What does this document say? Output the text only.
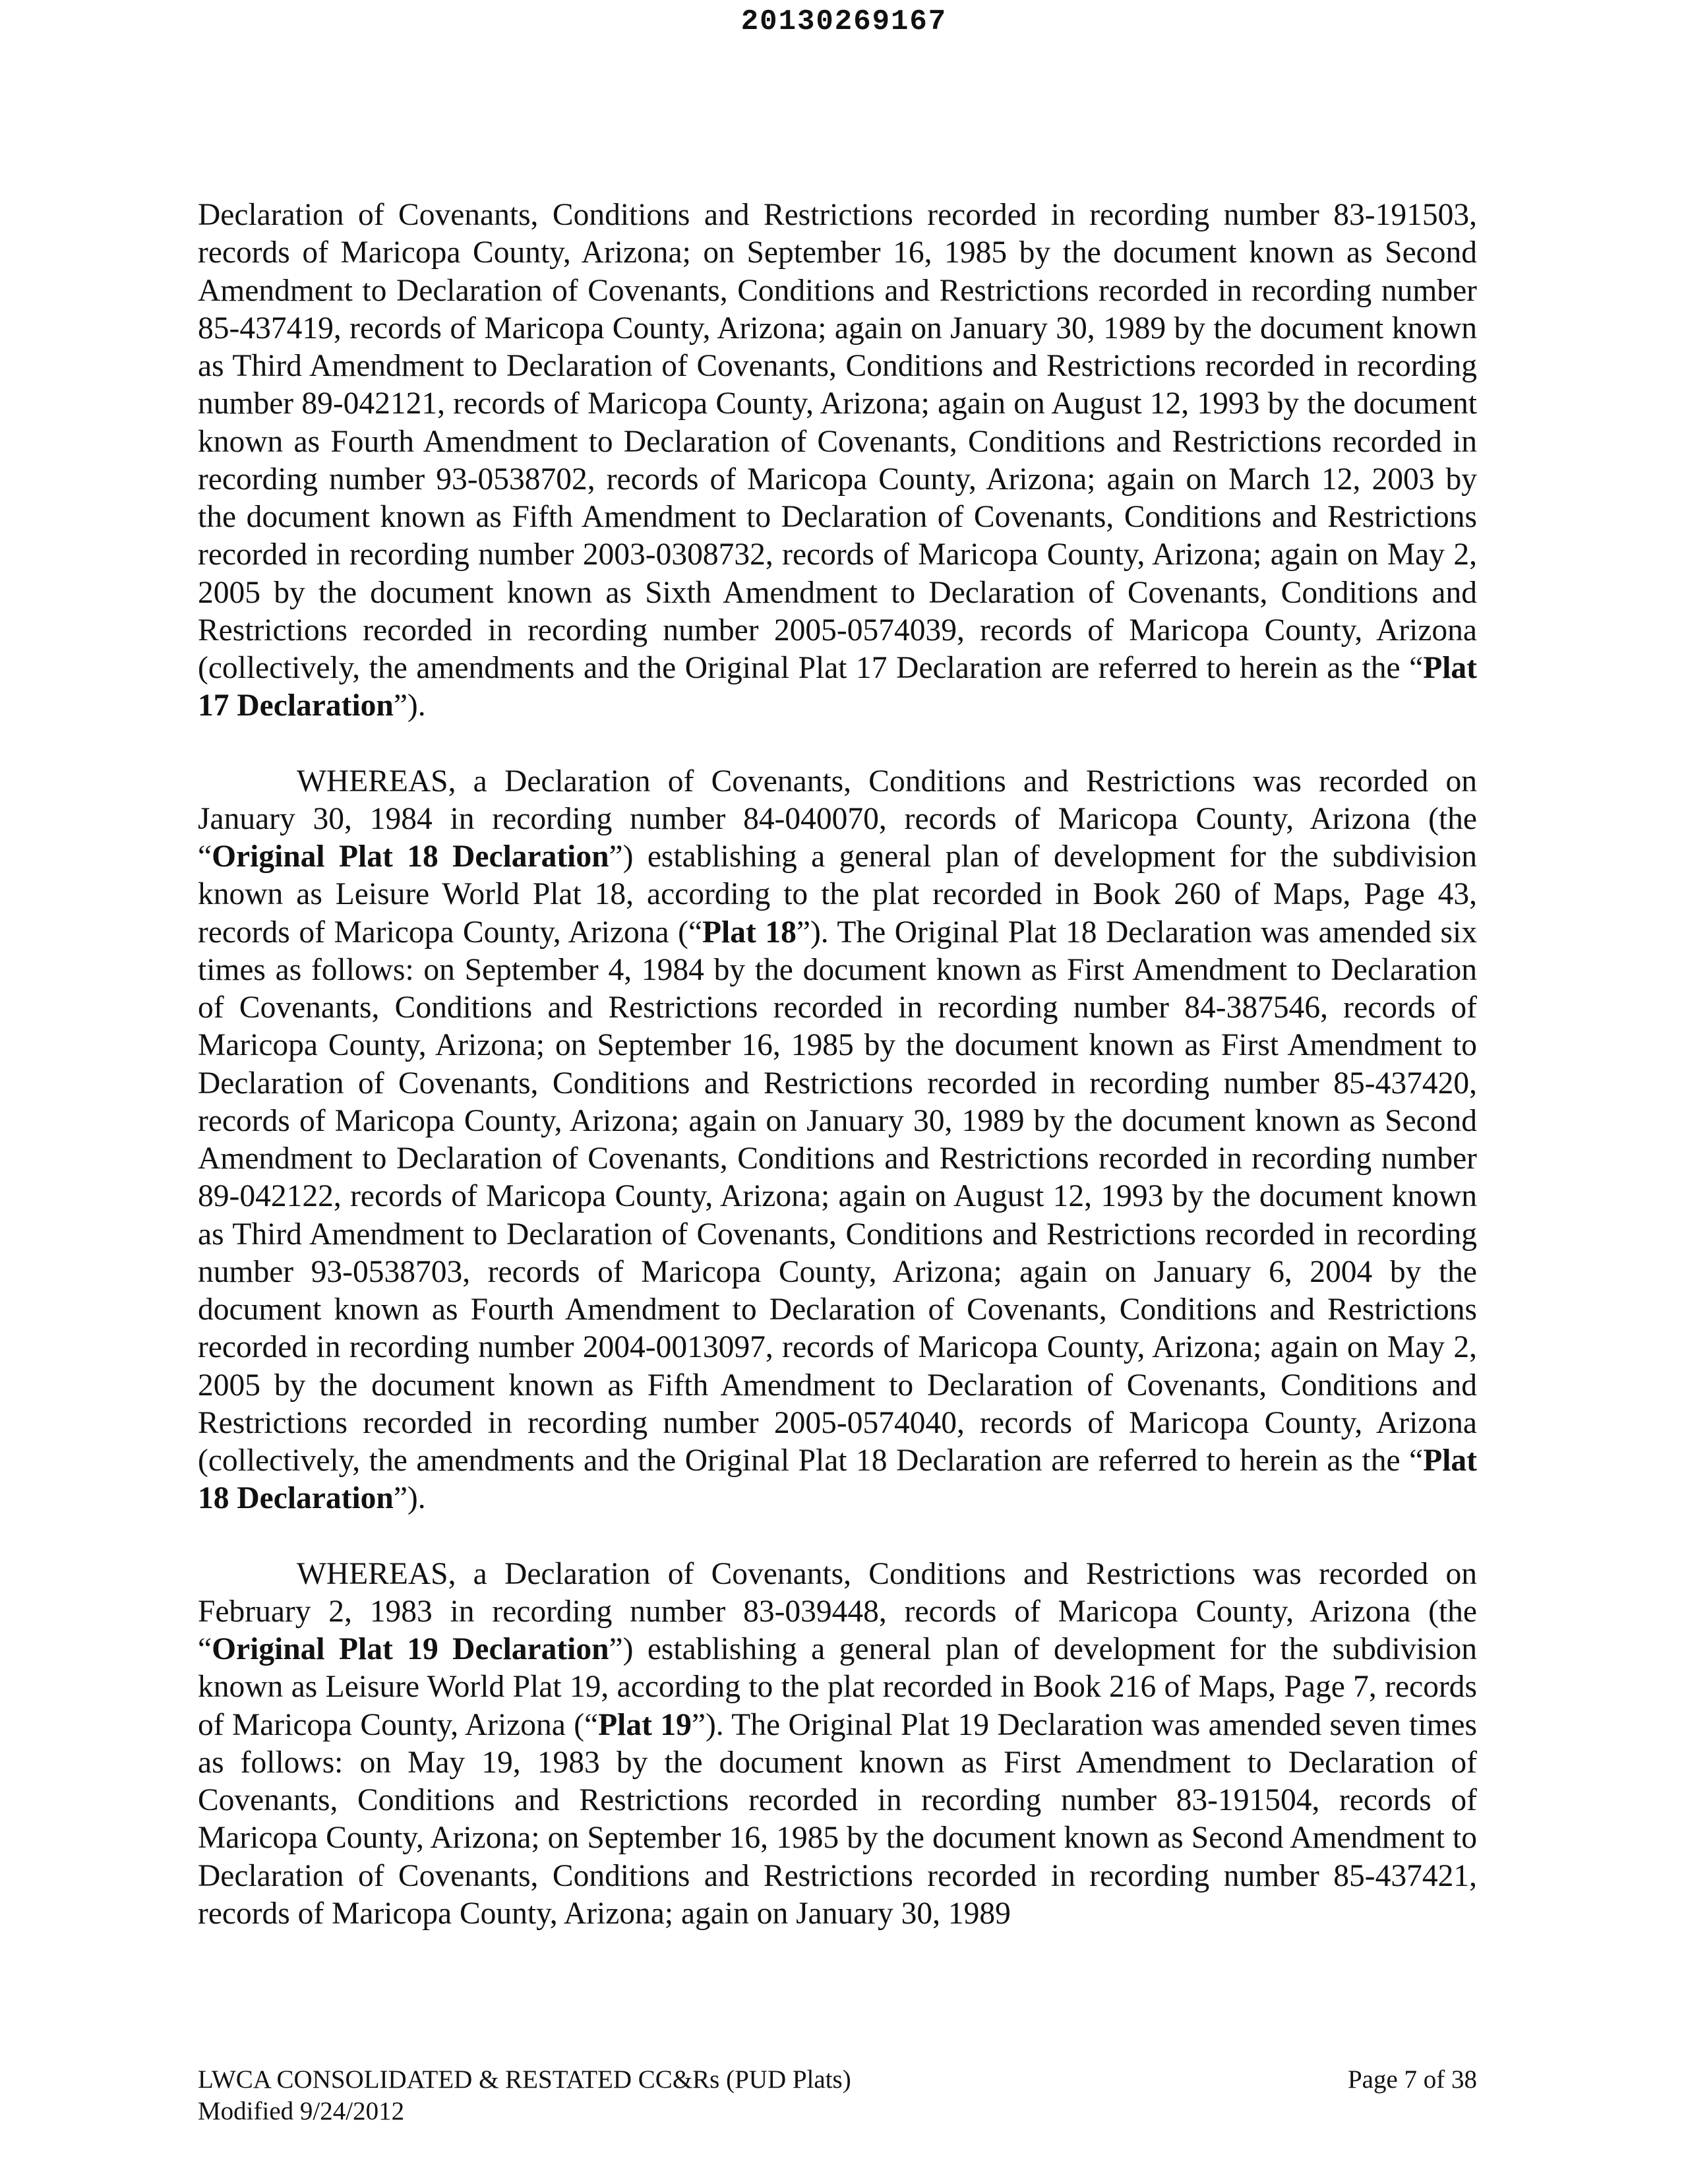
20130269167

Declaration of Covenants, Conditions and Restrictions recorded in recording number 83-191503, records of Maricopa County, Arizona; on September 16, 1985 by the document known as Second Amendment to Declaration of Covenants, Conditions and Restrictions recorded in recording number 85-437419, records of Maricopa County, Arizona; again on January 30, 1989 by the document known as Third Amendment to Declaration of Covenants, Conditions and Restrictions recorded in recording number 89-042121, records of Maricopa County, Arizona; again on August 12, 1993 by the document known as Fourth Amendment to Declaration of Covenants, Conditions and Restrictions recorded in recording number 93-0538702, records of Maricopa County, Arizona; again on March 12, 2003 by the document known as Fifth Amendment to Declaration of Covenants, Conditions and Restrictions recorded in recording number 2003-0308732, records of Maricopa County, Arizona; again on May 2, 2005 by the document known as Sixth Amendment to Declaration of Covenants, Conditions and Restrictions recorded in recording number 2005-0574039, records of Maricopa County, Arizona (collectively, the amendments and the Original Plat 17 Declaration are referred to herein as the “Plat 17 Declaration”).

WHEREAS, a Declaration of Covenants, Conditions and Restrictions was recorded on January 30, 1984 in recording number 84-040070, records of Maricopa County, Arizona (the “Original Plat 18 Declaration”) establishing a general plan of development for the subdivision known as Leisure World Plat 18, according to the plat recorded in Book 260 of Maps, Page 43, records of Maricopa County, Arizona (“Plat 18”). The Original Plat 18 Declaration was amended six times as follows: on September 4, 1984 by the document known as First Amendment to Declaration of Covenants, Conditions and Restrictions recorded in recording number 84-387546, records of Maricopa County, Arizona; on September 16, 1985 by the document known as First Amendment to Declaration of Covenants, Conditions and Restrictions recorded in recording number 85-437420, records of Maricopa County, Arizona; again on January 30, 1989 by the document known as Second Amendment to Declaration of Covenants, Conditions and Restrictions recorded in recording number 89-042122, records of Maricopa County, Arizona; again on August 12, 1993 by the document known as Third Amendment to Declaration of Covenants, Conditions and Restrictions recorded in recording number 93-0538703, records of Maricopa County, Arizona; again on January 6, 2004 by the document known as Fourth Amendment to Declaration of Covenants, Conditions and Restrictions recorded in recording number 2004-0013097, records of Maricopa County, Arizona; again on May 2, 2005 by the document known as Fifth Amendment to Declaration of Covenants, Conditions and Restrictions recorded in recording number 2005-0574040, records of Maricopa County, Arizona (collectively, the amendments and the Original Plat 18 Declaration are referred to herein as the “Plat 18 Declaration”).

WHEREAS, a Declaration of Covenants, Conditions and Restrictions was recorded on February 2, 1983 in recording number 83-039448, records of Maricopa County, Arizona (the “Original Plat 19 Declaration”) establishing a general plan of development for the subdivision known as Leisure World Plat 19, according to the plat recorded in Book 216 of Maps, Page 7, records of Maricopa County, Arizona (“Plat 19”). The Original Plat 19 Declaration was amended seven times as follows: on May 19, 1983 by the document known as First Amendment to Declaration of Covenants, Conditions and Restrictions recorded in recording number 83-191504, records of Maricopa County, Arizona; on September 16, 1985 by the document known as Second Amendment to Declaration of Covenants, Conditions and Restrictions recorded in recording number 85-437421, records of Maricopa County, Arizona; again on January 30, 1989

LWCA CONSOLIDATED & RESTATED CC&Rs (PUD Plats)
Modified 9/24/2012
Page 7 of 38
